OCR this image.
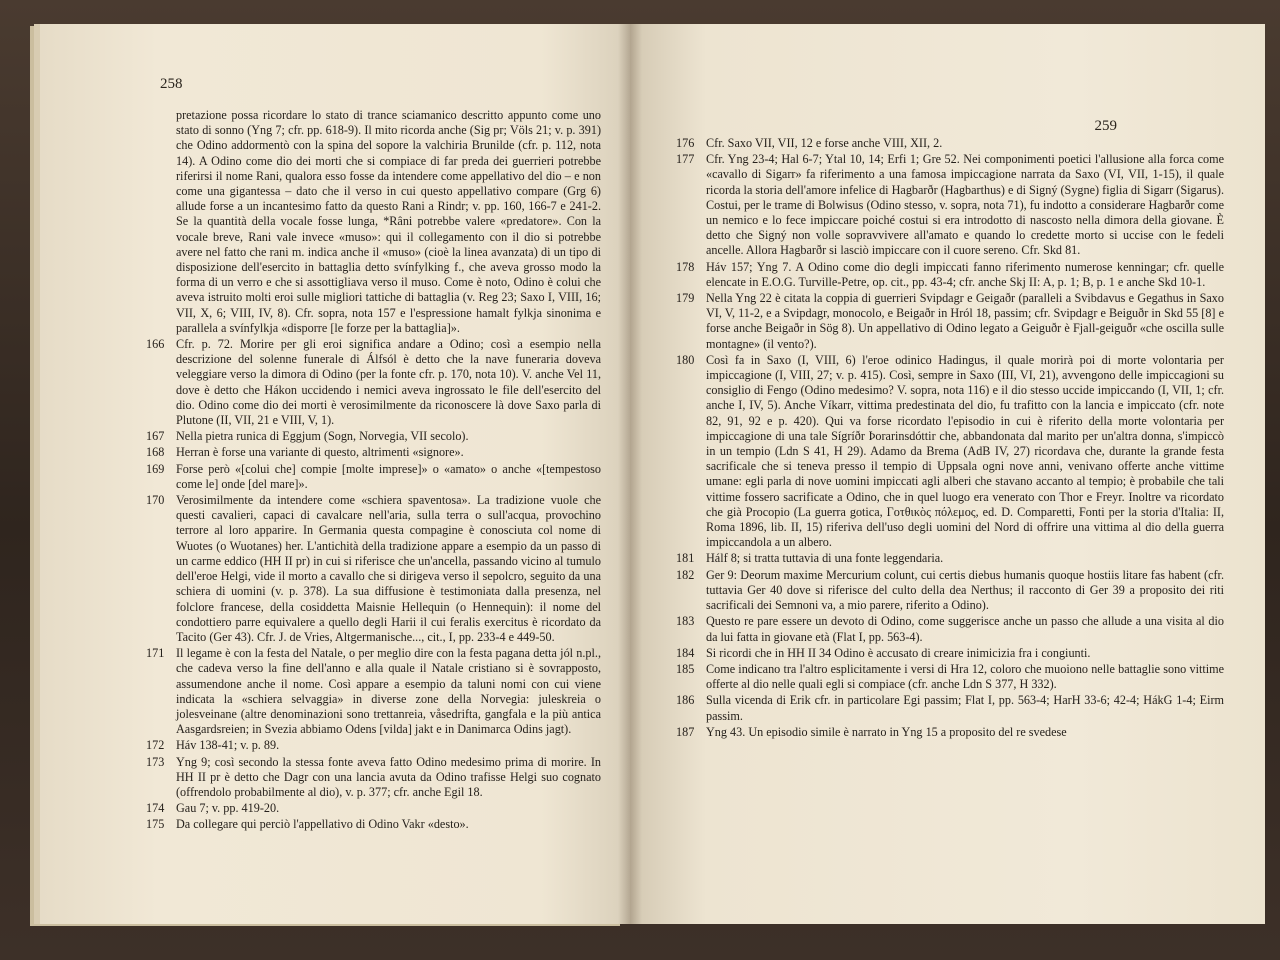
258
pretazione possa ricordare lo stato di trance sciamanico descritto appunto come uno stato di sonno (Yng 7; cfr. pp. 618-9). Il mito ricorda anche (Sig pr; Völs 21; v. p. 391) che Odino addormentò con la spina del sopore la valchiria Brunilde (cfr. p. 112, nota 14). A Odino come dio dei morti che si compiace di far preda dei guerrieri potrebbe riferirsi il nome Rani, qualora esso fosse da intendere come appellativo del dio – e non come una gigantessa – dato che il verso in cui questo appellativo compare (Grg 6) allude forse a un incantesimo fatto da questo Rani a Rindr; v. pp. 160, 166-7 e 241-2. Se la quantità della vocale fosse lunga, *Râni potrebbe valere «predatore». Con la vocale breve, Rani vale invece «muso»: qui il collegamento con il dio si potrebbe avere nel fatto che rani m. indica anche il «muso» (cioè la linea avanzata) di un tipo di disposizione dell'esercito in battaglia detto svínfylking f., che aveva grosso modo la forma di un verro e che si assottigliava verso il muso. Come è noto, Odino è colui che aveva istruito molti eroi sulle migliori tattiche di battaglia (v. Reg 23; Saxo I, VIII, 16; VII, X, 6; VIII, IV, 8). Cfr. sopra, nota 157 e l'espressione hamalt fylkja sinonima e parallela a svínfylkja «disporre [le forze per la battaglia]».
166 Cfr. p. 72. Morire per gli eroi significa andare a Odino; così a esempio nella descrizione del solenne funerale di Álfsól è detto che la nave funeraria doveva veleggiare verso la dimora di Odino (per la fonte cfr. p. 170, nota 10). V. anche Vel 11, dove è detto che Hákon uccidendo i nemici aveva ingrossato le file dell'esercito del dio. Odino come dio dei morti è verosimilmente da riconoscere là dove Saxo parla di Plutone (II, VII, 21 e VIII, V, 1).
167 Nella pietra runica di Eggjum (Sogn, Norvegia, VII secolo).
168 Herran è forse una variante di questo, altrimenti «signore».
169 Forse però «[colui che] compie [molte imprese]» o «amato» o anche «[tempestoso come le] onde [del mare]».
170 Verosimilmente da intendere come «schiera spaventosa». La tradizione vuole che questi cavalieri, capaci di cavalcare nell'aria, sulla terra o sull'acqua, provochino terrore al loro apparire. In Germania questa compagine è conosciuta col nome di Wuotes (o Wuotanes) her. L'antichità della tradizione appare a esempio da un passo di un carme eddico (HH II pr) in cui si riferisce che un'ancella, passando vicino al tumulo dell'eroe Helgi, vide il morto a cavallo che si dirigeva verso il sepolcro, seguito da una schiera di uomini (v. p. 378). La sua diffusione è testimoniata dalla presenza, nel folclore francese, della cosiddetta Maisnie Hellequin (o Hennequin): il nome del condottiero parre equivalere a quello degli Harii il cui feralis exercitus è ricordato da Tacito (Ger 43). Cfr. J. de Vries, Altgermanische..., cit., I, pp. 233-4 e 449-50.
171 Il legame è con la festa del Natale, o per meglio dire con la festa pagana detta jól n.pl., che cadeva verso la fine dell'anno e alla quale il Natale cristiano si è sovrapposto, assumendone anche il nome. Così appare a esempio da taluni nomi con cui viene indicata la «schiera selvaggia» in diverse zone della Norvegia: juleskreia o jolesveinane (altre denominazioni sono trettanreia, våsedrifta, gangfala e la più antica Aasgardsreien; in Svezia abbiamo Odens [vilda] jakt e in Danimarca Odins jagt).
172 Háv 138-41; v. p. 89.
173 Yng 9; così secondo la stessa fonte aveva fatto Odino medesimo prima di morire. In HH II pr è detto che Dagr con una lancia avuta da Odino trafisse Helgi suo cognato (offrendolo probabilmente al dio), v. p. 377; cfr. anche Egil 18.
174 Gau 7; v. pp. 419-20.
175 Da collegare qui perciò l'appellativo di Odino Vakr «desto».
259
176 Cfr. Saxo VII, VII, 12 e forse anche VIII, XII, 2.
177 Cfr. Yng 23-4; Hal 6-7; Ytal 10, 14; Erfi 1; Gre 52. Nei componimenti poetici l'allusione alla forca come «cavallo di Sigarr» fa riferimento a una famosa impiccagione narrata da Saxo (VI, VII, 1-15), il quale ricorda la storia dell'amore infelice di Hagbarðr (Hagbarthus) e di Signý (Sygne) figlia di Sigarr (Sigarus). Costui, per le trame di Bolwisus (Odino stesso, v. sopra, nota 71), fu indotto a considerare Hagbarðr come un nemico e lo fece impiccare poiché costui si era introdotto di nascosto nella dimora della giovane. È detto che Signý non volle sopravvivere all'amato e quando lo credette morto si uccise con le fedeli ancelle. Allora Hagbarðr si lasciò impiccare con il cuore sereno. Cfr. Skd 81.
178 Háv 157; Yng 7. A Odino come dio degli impiccati fanno riferimento numerose kenningar; cfr. quelle elencate in E.O.G. Turville-Petre, op. cit., pp. 43-4; cfr. anche Skj II: A, p. 1; B, p. 1 e anche Skd 10-1.
179 Nella Yng 22 è citata la coppia di guerrieri Svipdagr e Geigaðr (paralleli a Svibdavus e Gegathus in Saxo VI, V, 11-2, e a Svipdagr, monocolo, e Beigaðr in Hról 18, passim; cfr. Svipdagr e Beiguðr in Skd 55 [8] e forse anche Beigaðr in Sög 8). Un appellativo di Odino legato a Geiguðr è Fjall-geiguðr «che oscilla sulle montagne» (il vento?).
180 Così fa in Saxo (I, VIII, 6) l'eroe odinico Hadingus, il quale morirà poi di morte volontaria per impiccagione (I, VIII, 27; v. p. 415). Così, sempre in Saxo (III, VI, 21), avvengono delle impiccagioni su consiglio di Fengo (Odino medesimo? V. sopra, nota 116) e il dio stesso uccide impiccando (I, VII, 1; cfr. anche I, IV, 5). Anche Víkarr, vittima predestinata del dio, fu trafitto con la lancia e impiccato (cfr. note 82, 91, 92 e p. 420). Qui va forse ricordato l'episodio in cui è riferito della morte volontaria per impiccagione di una tale Sígríðr Þorarinsdóttir che, abbandonata dal marito per un'altra donna, s'impiccò in un tempio (Ldn S 41, H 29). Adamo da Brema (AdB IV, 27) ricordava che, durante la grande festa sacrificale che si teneva presso il tempio di Uppsala ogni nove anni, venivano offerte anche vittime umane: egli parla di nove uomini impiccati agli alberi che stavano accanto al tempio; è probabile che tali vittime fossero sacrificate a Odino, che in quel luogo era venerato con Thor e Freyr. Inoltre va ricordato che già Procopio (La guerra gotica, Γοτθικὸς πόλεμος, ed. D. Comparetti, Fonti per la storia d'Italia: II, Roma 1896, lib. II, 15) riferiva dell'uso degli uomini del Nord di offrire una vittima al dio della guerra impiccandola a un albero.
181 Hálf 8; si tratta tuttavia di una fonte leggendaria.
182 Ger 9: Deorum maxime Mercurium colunt, cui certis diebus humanis quoque hostiis litare fas habent (cfr. tuttavia Ger 40 dove si riferisce del culto della dea Nerthus; il racconto di Ger 39 a proposito dei riti sacrificali dei Semnoni va, a mio parere, riferito a Odino).
183 Questo re pare essere un devoto di Odino, come suggerisce anche un passo che allude a una visita al dio da lui fatta in giovane età (Flat I, pp. 563-4).
184 Si ricordi che in HH II 34 Odino è accusato di creare inimicizia fra i congiunti.
185 Come indicano tra l'altro esplicitamente i versi di Hra 12, coloro che muoiono nelle battaglie sono vittime offerte al dio nelle quali egli si compiace (cfr. anche Ldn S 377, H 332).
186 Sulla vicenda di Erik cfr. in particolare Egi passim; Flat I, pp. 563-4; HarH 33-6; 42-4; HákG 1-4; Eirm passim.
187 Yng 43. Un episodio simile è narrato in Yng 15 a proposito del re svedese
